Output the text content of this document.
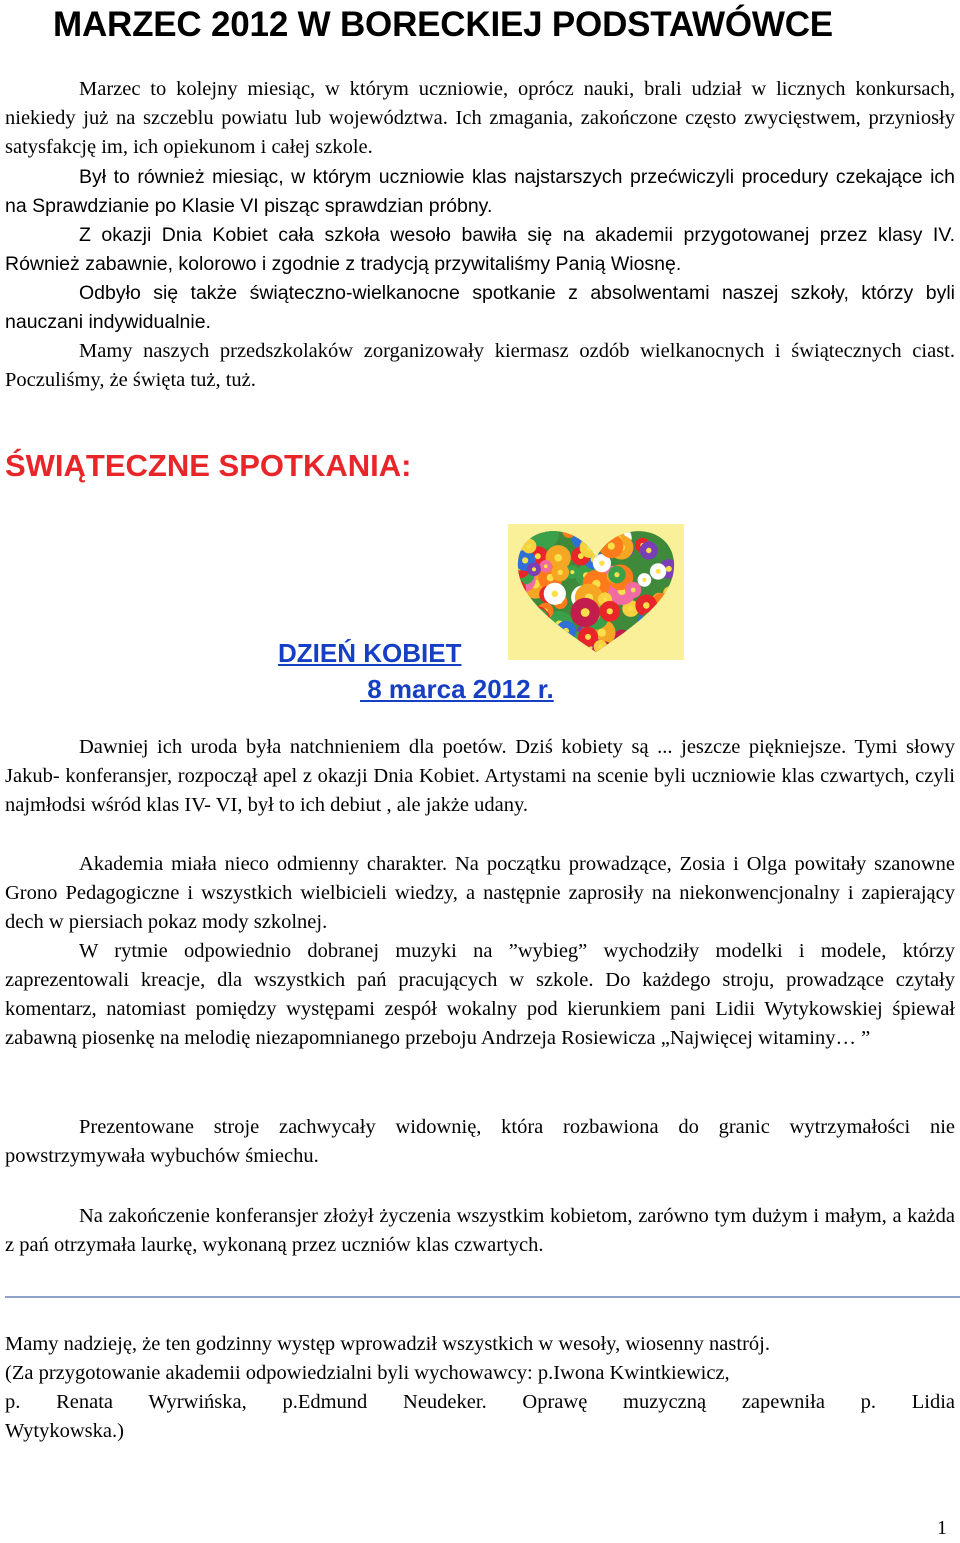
MARZEC 2012 W BORECKIEJ PODSTAWÓWCE

Marzec to kolejny miesiąc, w którym uczniowie, oprócz nauki, brali udział w licznych konkursach, niekiedy już na szczeblu powiatu lub województwa. Ich zmagania, zakończone często zwycięstwem, przyniosły satysfakcję im, ich opiekunom i całej szkole.

Był to również miesiąc, w którym uczniowie klas najstarszych przećwiczyli procedury czekające ich na Sprawdzianie po Klasie VI pisząc sprawdzian próbny.

Z okazji Dnia Kobiet cała szkoła wesoło bawiła się na akademii przygotowanej przez klasy IV. Również zabawnie, kolorowo i zgodnie z tradycją przywitaliśmy Panią Wiosnę.

Odbyło się także świąteczno-wielkanocne spotkanie z absolwentami naszej szkoły, którzy byli nauczani indywidualnie.

Mamy naszych przedszkolaków zorganizowały kiermasz ozdób wielkanocnych i świątecznych ciast. Poczuliśmy, że święta tuż, tuż.

ŚWIĄTECZNE SPOTKANIA:

DZIEŃ KOBIET

8 marca 2012 r.

Dawniej ich uroda była natchnieniem dla poetów. Dziś kobiety są ... jeszcze piękniejsze. Tymi słowy Jakub- konferansjer, rozpoczął apel z okazji Dnia Kobiet. Artystami na scenie byli uczniowie klas czwartych, czyli najmłodsi wśród klas IV- VI, był to ich debiut , ale jakże udany.

Akademia miała nieco odmienny charakter. Na początku prowadzące, Zosia i Olga powitały szanowne Grono Pedagogiczne i wszystkich wielbicieli wiedzy, a następnie zaprosiły na niekonwencjonalny i zapierający dech w piersiach pokaz mody szkolnej.

W rytmie odpowiednio dobranej muzyki na ”wybieg” wychodziły modelki i modele, którzy zaprezentowali kreacje, dla wszystkich pań pracujących w szkole. Do każdego stroju, prowadzące czytały komentarz, natomiast pomiędzy występami zespół wokalny pod kierunkiem pani Lidii Wytykowskiej śpiewał zabawną piosenkę na melodię niezapomnianego przeboju Andrzeja Rosiewicza „Najwięcej witaminy… ”

Prezentowane stroje zachwycały widownię, która rozbawiona do granic wytrzymałości nie powstrzymywała wybuchów śmiechu.

Na zakończenie konferansjer złożył życzenia wszystkim kobietom, zarówno tym dużym i małym, a każda z pań otrzymała laurkę, wykonaną przez uczniów klas czwartych.

Mamy nadzieję, że ten godzinny występ wprowadził wszystkich w wesoły, wiosenny nastrój.
(Za przygotowanie akademii odpowiedzialni byli wychowawcy: p.Iwona Kwintkiewicz,
p. Renata Wyrwińska, p.Edmund Neudeker. Oprawę muzyczną zapewniła p. Lidia
Wytykowska.)

1
